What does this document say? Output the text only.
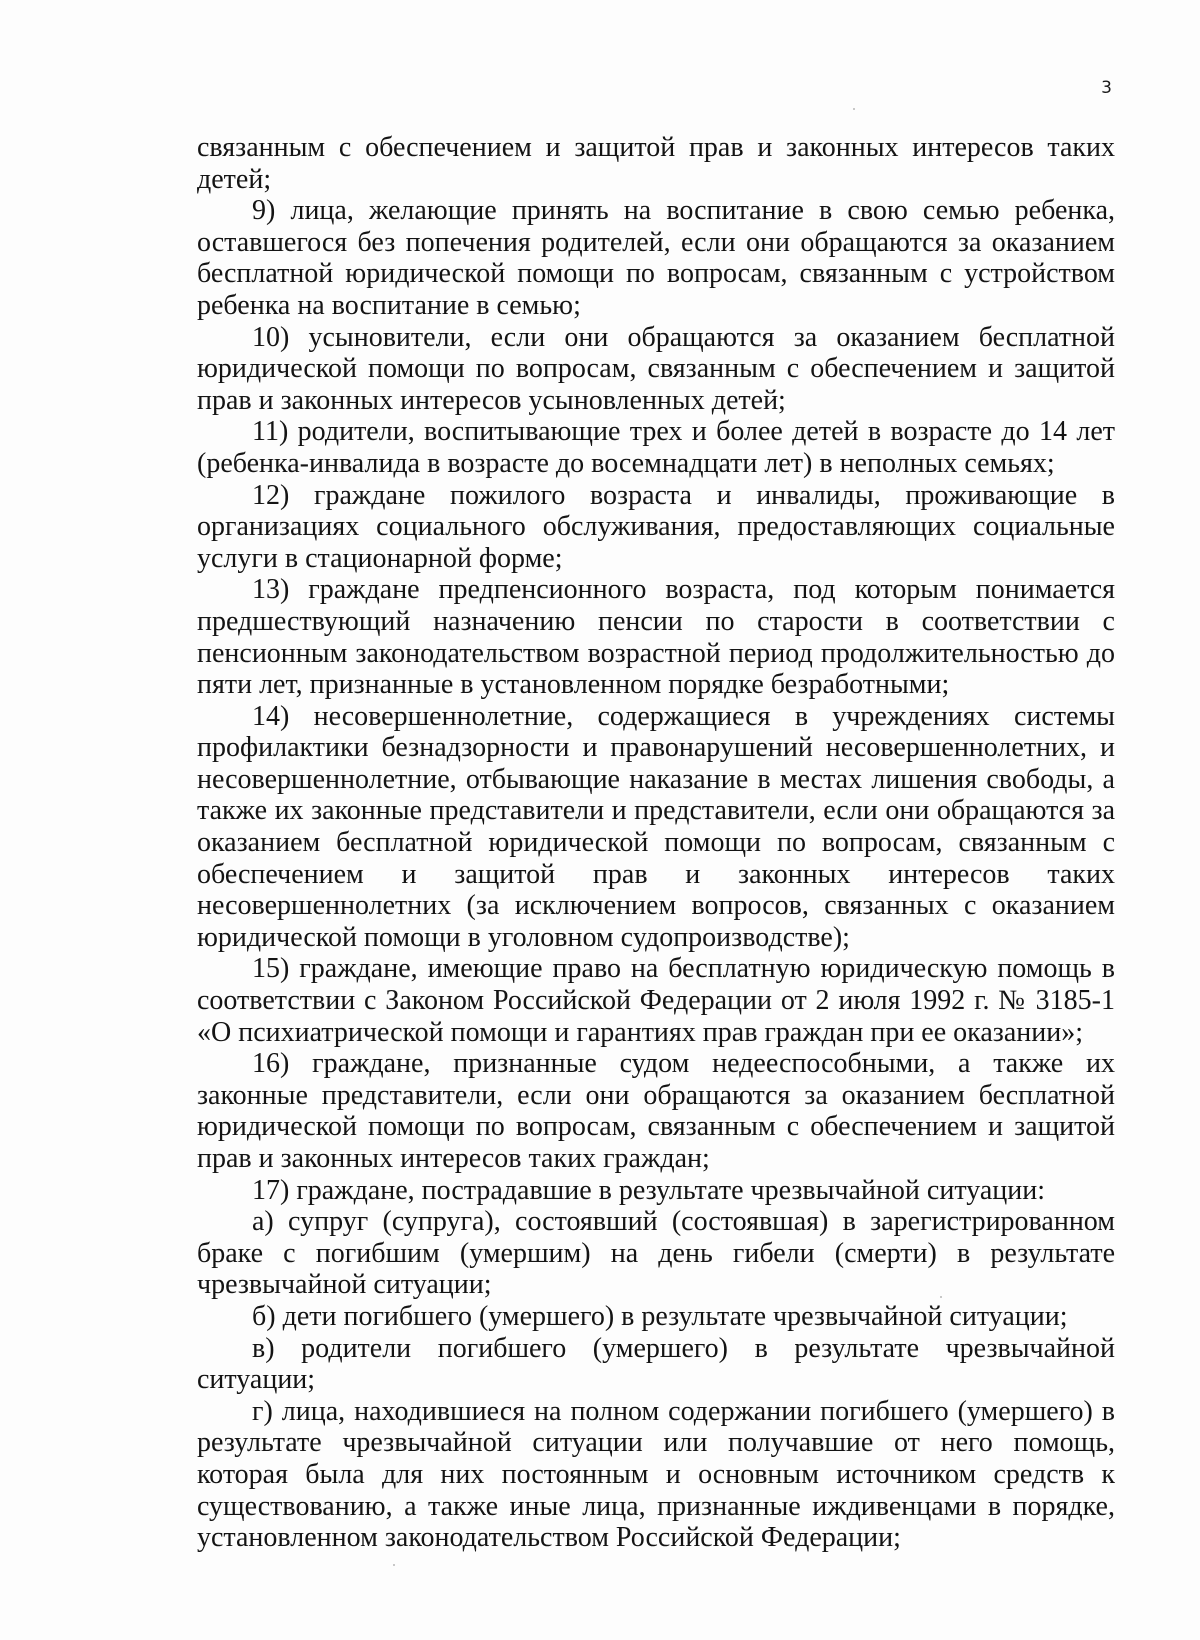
3

связанным с обеспечением и защитой прав и законных интересов таких детей;

9) лица, желающие принять на воспитание в свою семью ребенка, оставшегося без попечения родителей, если они обращаются за оказанием бесплатной юридической помощи по вопросам, связанным с устройством ребенка на воспитание в семью;

10) усыновители, если они обращаются за оказанием бесплатной юридической помощи по вопросам, связанным с обеспечением и защитой прав и законных интересов усыновленных детей;

11) родители, воспитывающие трех и более детей в возрасте до 14 лет (ребенка-инвалида в возрасте до восемнадцати лет) в неполных семьях;

12) граждане пожилого возраста и инвалиды, проживающие в организациях социального обслуживания, предоставляющих социальные услуги в стационарной форме;

13) граждане предпенсионного возраста, под которым понимается предшествующий назначению пенсии по старости в соответствии с пенсионным законодательством возрастной период продолжительностью до пяти лет, признанные в установленном порядке безработными;

14) несовершеннолетние, содержащиеся в учреждениях системы профилактики безнадзорности и правонарушений несовершеннолетних, и несовершеннолетние, отбывающие наказание в местах лишения свободы, а также их законные представители и представители, если они обращаются за оказанием бесплатной юридической помощи по вопросам, связанным с обеспечением и защитой прав и законных интересов таких несовершеннолетних (за исключением вопросов, связанных с оказанием юридической помощи в уголовном судопроизводстве);

15) граждане, имеющие право на бесплатную юридическую помощь в соответствии с Законом Российской Федерации от 2 июля 1992 г. № 3185-1 «О психиатрической помощи и гарантиях прав граждан при ее оказании»;

16) граждане, признанные судом недееспособными, а также их законные представители, если они обращаются за оказанием бесплатной юридической помощи по вопросам, связанным с обеспечением и защитой прав и законных интересов таких граждан;

17) граждане, пострадавшие в результате чрезвычайной ситуации:

а) супруг (супруга), состоявший (состоявшая) в зарегистрированном браке с погибшим (умершим) на день гибели (смерти) в результате чрезвычайной ситуации;

б) дети погибшего (умершего) в результате чрезвычайной ситуации;

в) родители погибшего (умершего) в результате чрезвычайной ситуации;

г) лица, находившиеся на полном содержании погибшего (умершего) в результате чрезвычайной ситуации или получавшие от него помощь, которая была для них постоянным и основным источником средств к существованию, а также иные лица, признанные иждивенцами в порядке, установленном законодательством Российской Федерации;
